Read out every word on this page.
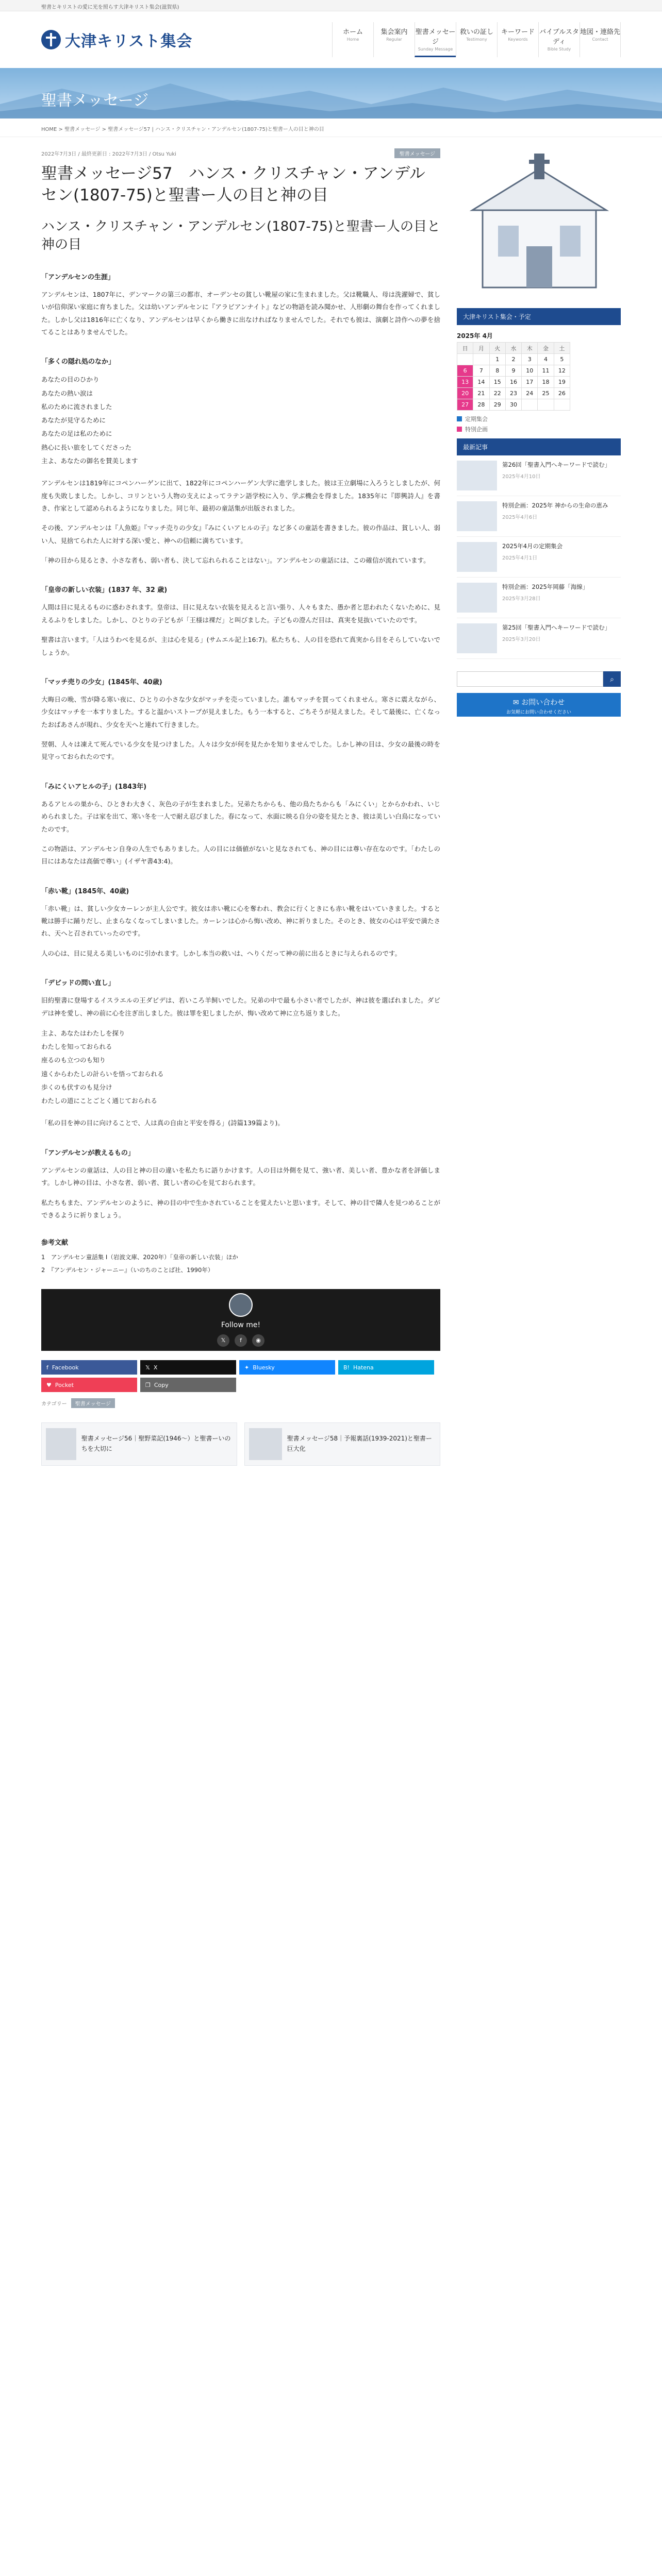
聖書とキリストの愛に光を照らす大津キリスト集会(滋賀県)
大津キリスト集会
ホーム
Home
集会案内
Regular
聖書メッセージ
Sunday Message
救いの証し
Testimony
キーワード
Keywords
バイブルスタディ
Bible Study
地図・連絡先
Contact
聖書メッセージ
HOME > 聖書メッセージ > 聖書メッセージ57 | ハンス・クリスチャン・アンデルセン(1807-75)と聖書ー人の目と神の目
2022年7月3日 / 最終更新日 : 2022年7月3日 / Otsu Yuki	聖書メッセージ
聖書メッセージ57　ハンス・クリスチャン・アンデルセン(1807-75)と聖書ー人の目と神の目
ハンス・クリスチャン・アンデルセン(1807-75)と聖書ー人の目と神の目
「アンデルセンの生涯」

アンデルセンは、1807年に、デンマークの第三の都市、オーデンセの貧しい靴屋の家に生まれました。父は靴職人、母は洗濯婦で、貧しいが信仰深い家庭に育ちました。父は幼いアンデルセンに『アラビアンナイト』などの物語を読み聞かせ、人形劇の舞台を作ってくれました。しかし父は1816年に亡くなり、アンデルセンは早くから働きに出なければなりませんでした。それでも彼は、演劇と詩作への夢を捨てることはありませんでした。

「多くの隠れ処のなか」
あなたの目のひかり
あなたの熱い涙は
私のために流されました
あなたが見守るために
あなたの足は私のために
熱心に長い旅をしてくださった
主よ、あなたの御名を賛美します

アンデルセンは1819年にコペンハーゲンに出て、1822年にコペンハーゲン大学に進学しました。彼は王立劇場に入ろうとしましたが、何度も失敗しました。しかし、コリンという人物の支えによってラテン語学校に入り、学ぶ機会を得ました。1835年に『即興詩人』を書き、作家として認められるようになりました。同じ年、最初の童話集が出版されました。

その後、アンデルセンは『人魚姫』『マッチ売りの少女』『みにくいアヒルの子』など多くの童話を書きました。彼の作品は、貧しい人、弱い人、見捨てられた人に対する深い愛と、神への信頼に満ちています。

「神の目から見るとき、小さな者も、弱い者も、決して忘れられることはない」。アンデルセンの童話には、この確信が流れています。

「皇帝の新しい衣装」(1837 年、32 歳)

人間は目に見えるものに惑わされます。皇帝は、目に見えない衣装を見えると言い張り、人々もまた、愚か者と思われたくないために、見えるふりをしました。しかし、ひとりの子どもが「王様は裸だ」と叫びました。子どもの澄んだ目は、真実を見抜いていたのです。

聖書は言います。「人はうわべを見るが、主は心を見る」(サムエル記上16:7)。私たちも、人の目を恐れて真実から目をそらしていないでしょうか。

「マッチ売りの少女」(1845年、40歳)

大晦日の晩、雪が降る寒い夜に、ひとりの小さな少女がマッチを売っていました。誰もマッチを買ってくれません。寒さに震えながら、少女はマッチを一本すりました。すると温かいストーブが見えました。もう一本すると、ごちそうが見えました。そして最後に、亡くなったおばあさんが現れ、少女を天へと連れて行きました。

翌朝、人々は凍えて死んでいる少女を見つけました。人々は少女が何を見たかを知りませんでした。しかし神の目は、少女の最後の時を見守っておられたのです。

「みにくいアヒルの子」(1843年)

あるアヒルの巣から、ひときわ大きく、灰色の子が生まれました。兄弟たちからも、他の鳥たちからも「みにくい」とからかわれ、いじめられました。子は家を出て、寒い冬を一人で耐え忍びました。春になって、水面に映る自分の姿を見たとき、彼は美しい白鳥になっていたのです。

この物語は、アンデルセン自身の人生でもありました。人の目には価値がないと見なされても、神の目には尊い存在なのです。「わたしの目にはあなたは高価で尊い」(イザヤ書43:4)。

「赤い靴」(1845年、40歳)

「赤い靴」は、貧しい少女カーレンが主人公です。彼女は赤い靴に心を奪われ、教会に行くときにも赤い靴をはいていきました。すると靴は勝手に踊りだし、止まらなくなってしまいました。カーレンは心から悔い改め、神に祈りました。そのとき、彼女の心は平安で満たされ、天へと召されていったのです。

人の心は、目に見える美しいものに引かれます。しかし本当の救いは、へりくだって神の前に出るときに与えられるのです。

「デビッドの問い直し」

旧約聖書に登場するイスラエルの王ダビデは、若いころ羊飼いでした。兄弟の中で最も小さい者でしたが、神は彼を選ばれました。ダビデは神を愛し、神の前に心を注ぎ出しました。彼は罪を犯しましたが、悔い改めて神に立ち返りました。

主よ、あなたはわたしを探り
わたしを知っておられる
座るのも立つのも知り
遠くからわたしの計らいを悟っておられる
歩くのも伏すのも見分け
わたしの道にことごとく通じておられる

「私の目を神の目に向けることで、人は真の自由と平安を得る」(詩篇139篇より)。

「アンデルセンが教えるもの」

アンデルセンの童話は、人の目と神の目の違いを私たちに語りかけます。人の目は外側を見て、強い者、美しい者、豊かな者を評価します。しかし神の目は、小さな者、弱い者、貧しい者の心を見ておられます。

私たちもまた、アンデルセンのように、神の目の中で生かされていることを覚えたいと思います。そして、神の目で隣人を見つめることができるように祈りましょう。

参考文献

1　アンデルセン童話集 I（岩波文庫、2020年）「皇帝の新しい衣装」ほか

2　『アンデルセン・ジャーニー』（いのちのことば社、1990年）

Follow me!
𝕏	f	◉
f  Facebook	𝕏  X	✦  Bluesky	B!  Hatena
♥  Pocket	❐  Copy
カテゴリー	聖書メッセージ
聖書メッセージ56｜聖野菜記(1946〜）と聖書ーいのちを大切に
聖書メッセージ58｜予報裏話(1939-2021)と聖書ー巨大化
大津キリスト集会・予定
2025年 4月
日	月	火	水	木	金	土
		1	2	3	4	5
6	7	8	9	10	11	12
13	14	15	16	17	18	19
20	21	22	23	24	25	26
27	28	29	30			
定期集会
特別企画
最新記事
第26回「聖書入門へキーワードで読む」
2025年4月10日
特別企画：2025年 神からの生命の恵み
2025年4月6日
2025年4月の定期集会
2025年4月1日
特別企画：2025年岡藤「海線」
2025年3月28日
第25回「聖書入門へキーワードで読む」
2025年3月20日
⌕
✉ お問い合わせ
お気軽にお問い合わせください
